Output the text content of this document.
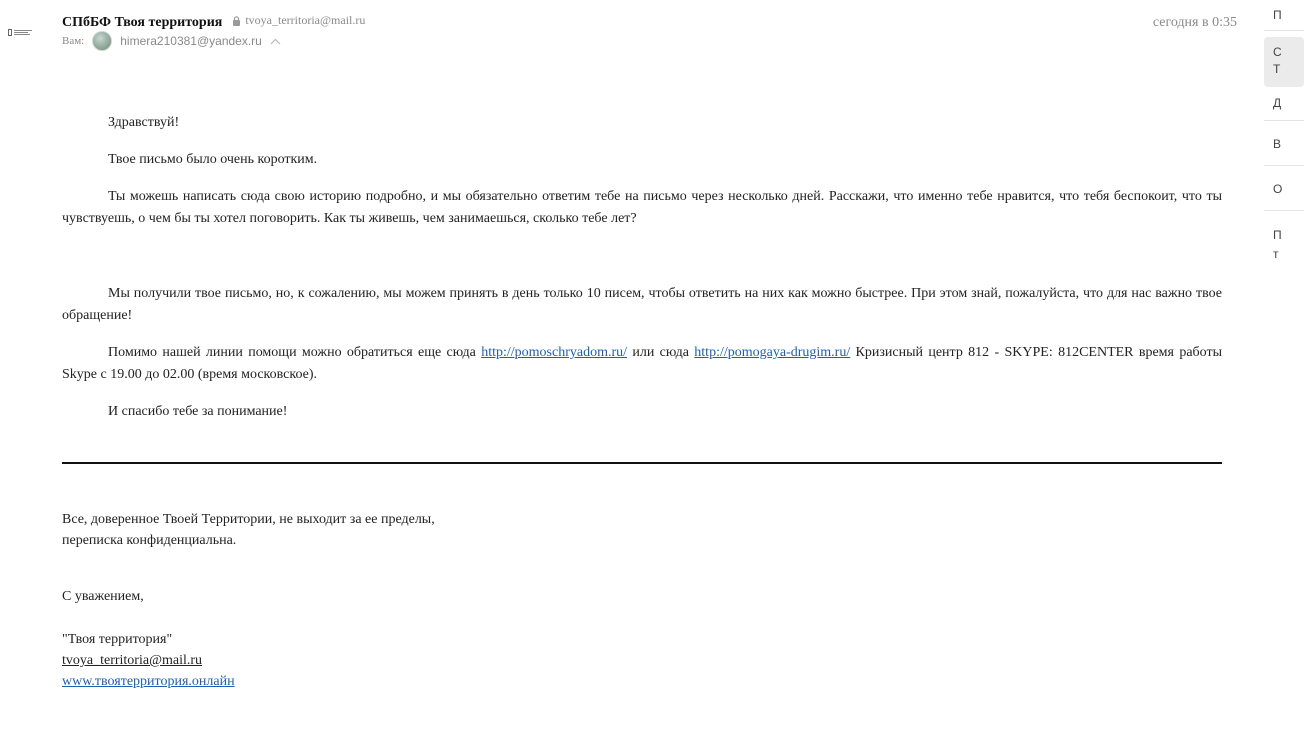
СПбБФ Твоя территория tvoya_territoria@mail.ru	сегодня в 0:35
Вам:	himera210381@yandex.ru

Здравствуй!

Твое письмо было очень коротким.

Ты можешь написать сюда свою историю подробно, и мы обязательно ответим тебе на письмо через несколько дней. Расскажи, что именно тебе нравится, что тебя беспокоит, что ты чувствуешь, о чем бы ты хотел поговорить. Как ты живешь, чем занимаешься, сколько тебе лет?

Мы получили твое письмо, но, к сожалению, мы можем принять в день только 10 писем, чтобы ответить на них как можно быстрее. При этом знай, пожалуйста, что для нас важно твое обращение!

Помимо нашей линии помощи можно обратиться еще сюда http://pomoschryadom.ru/ или сюда http://pomogaya-drugim.ru/ Кризисный центр 812 - SKYPE: 812CENTER время работы Skype с 19.00 до 02.00 (время московское).

И спасибо тебе за понимание!

Все, доверенное Твоей Территории, не выходит за ее пределы,
переписка конфиденциальна.
С уважением,
"Твоя территория"
tvoya_territoria@mail.ru
www.твоятерритория.онлайн
П
С
Т
Д
В
О
П
т
